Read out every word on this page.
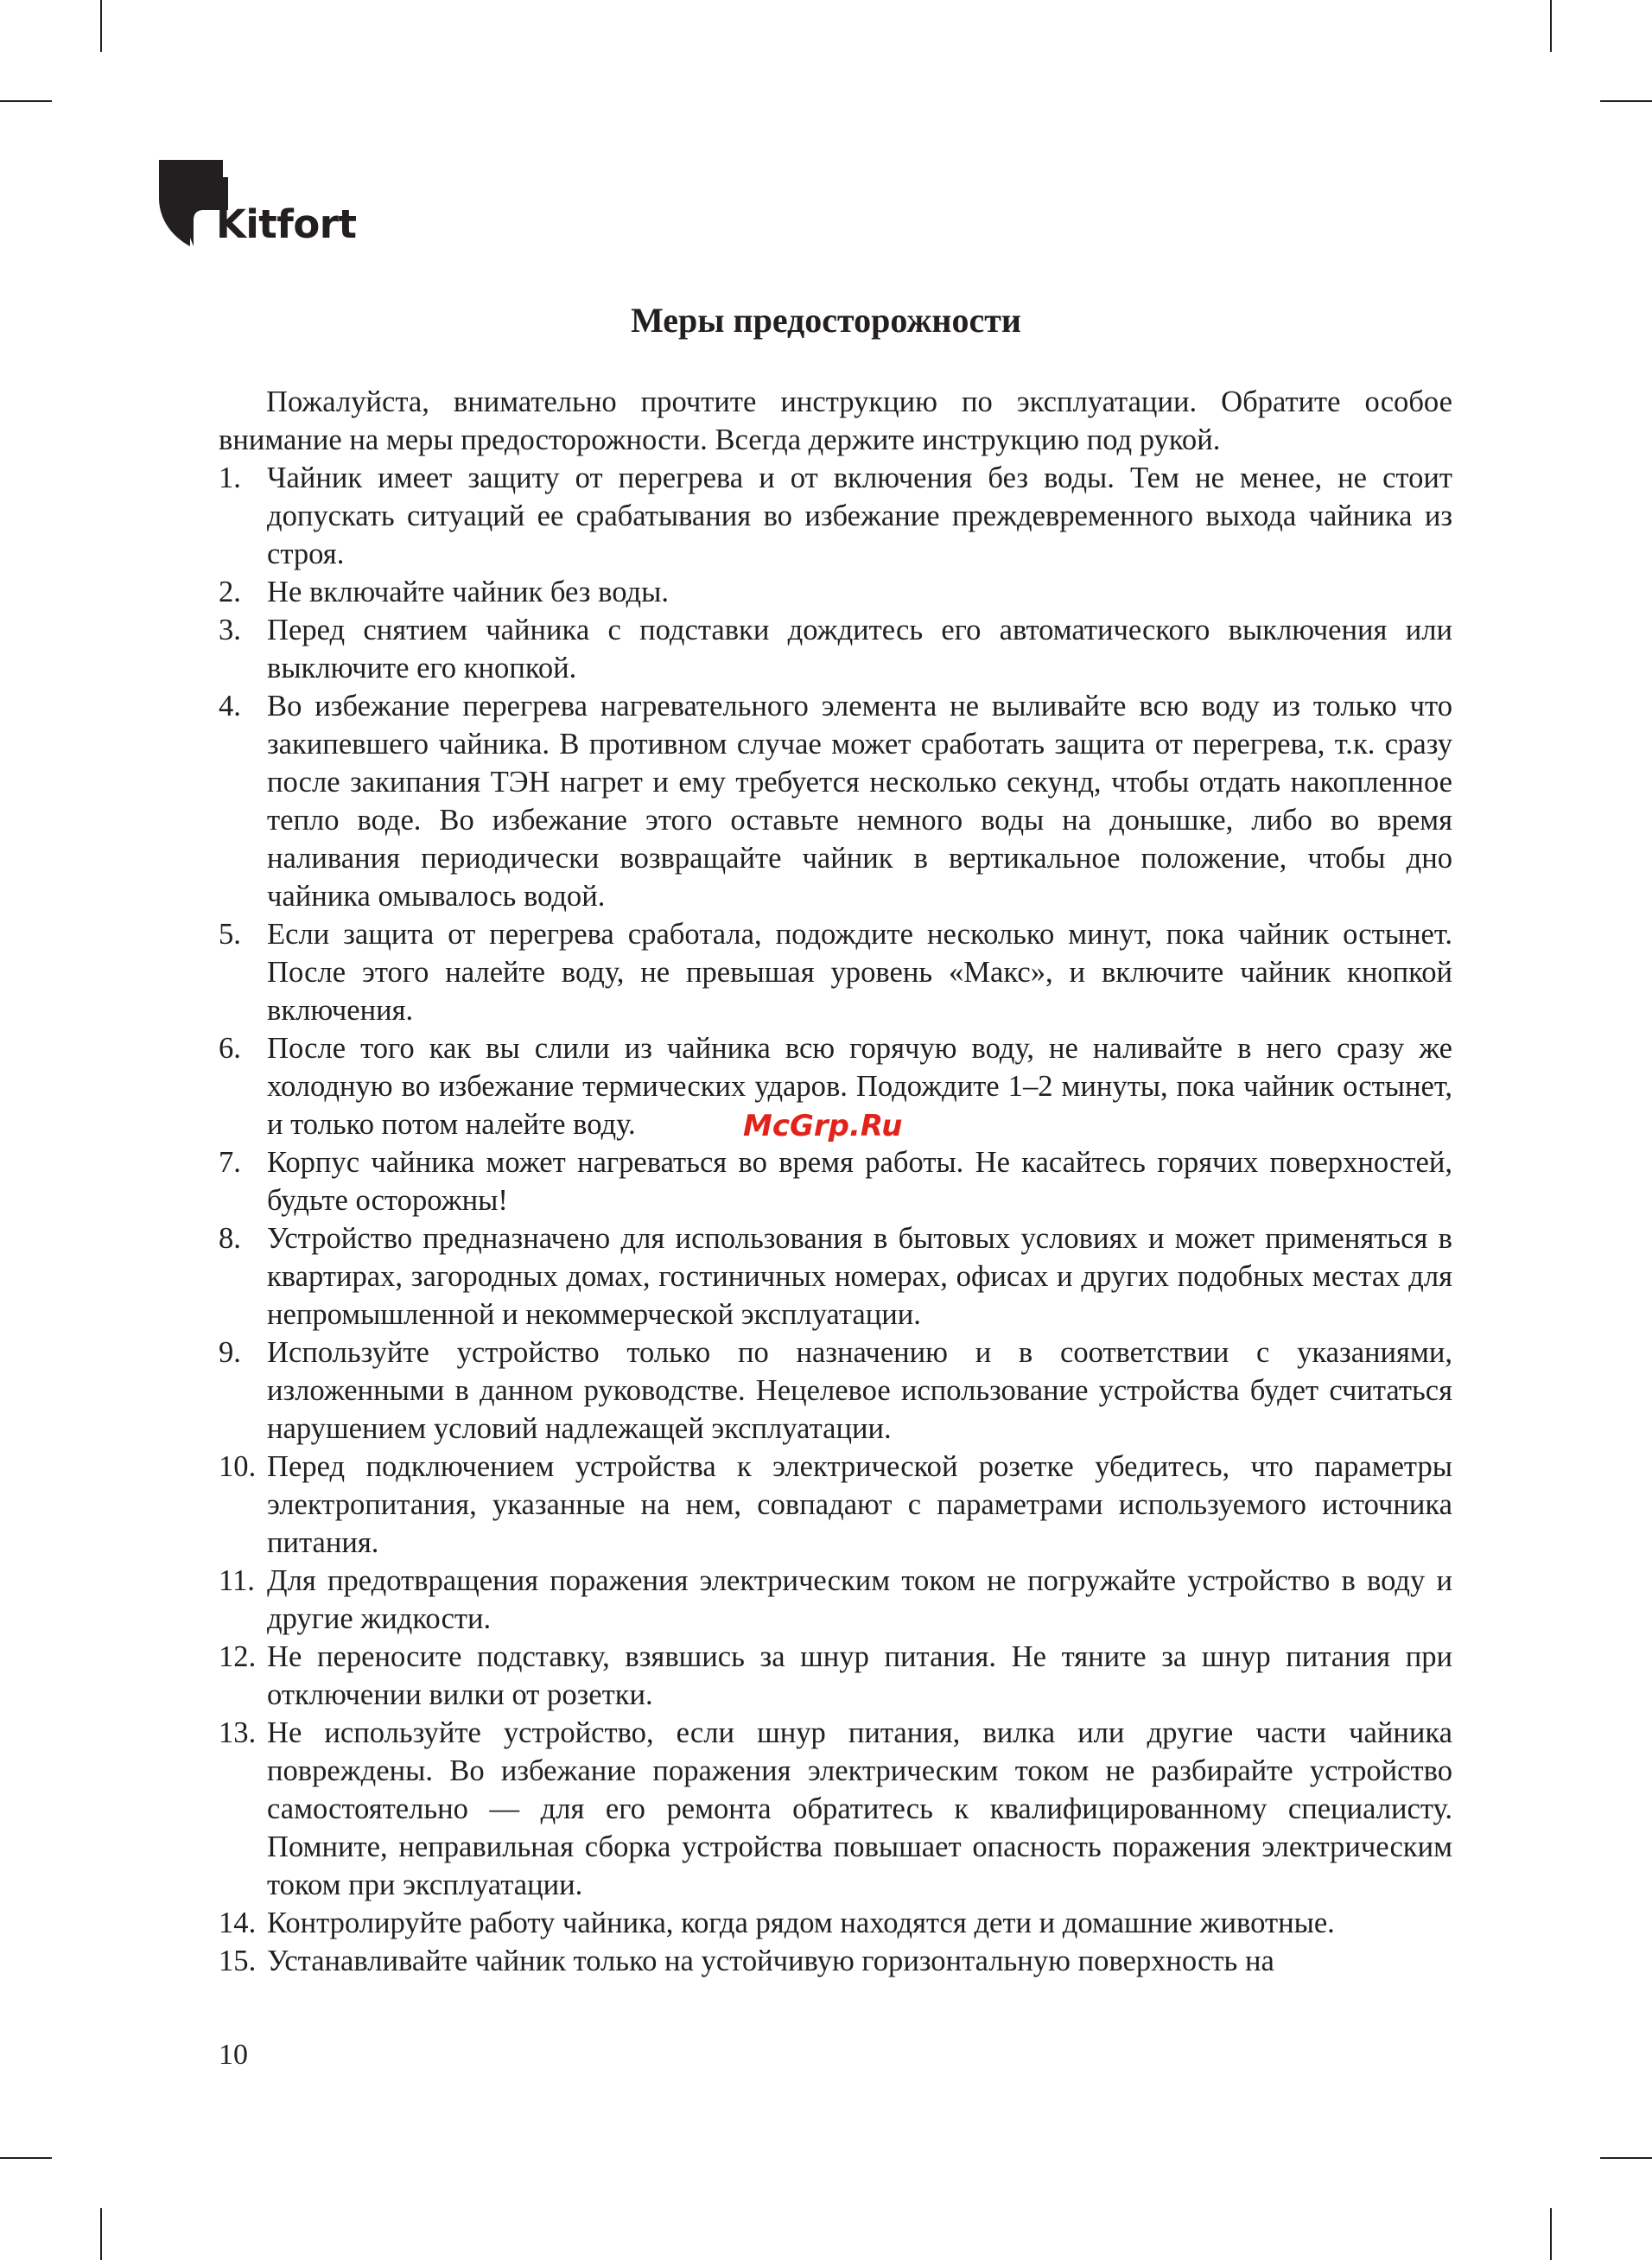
Kitfort
Меры предосторожности

Пожалуйста, внимательно прочтите инструкцию по эксплуатации. Обратите особое внимание на меры предосторожности. Всегда держите инструкцию под рукой.

1. Чайник имеет защиту от перегрева и от включения без воды. Тем не менее, не стоит допускать ситуаций ее срабатывания во избежание преждевременного выхода чайника из строя.
2. Не включайте чайник без воды.
3. Перед снятием чайника с подставки дождитесь его автоматического выключения или выключите его кнопкой.
4. Во избежание перегрева нагревательного элемента не выливайте всю воду из только что закипевшего чайника. В противном случае может сработать защита от перегрева, т.к. сразу после закипания ТЭН нагрет и ему требуется несколько секунд, чтобы отдать накопленное тепло воде. Во избежание этого оставьте немного воды на донышке, либо во время наливания периодически возвращайте чайник в вертикальное положение, чтобы дно чайника омывалось водой.
5. Если защита от перегрева сработала, подождите несколько минут, пока чайник остынет. После этого налейте воду, не превышая уровень «Макс», и включите чайник кнопкой включения.
6. После того как вы слили из чайника всю горячую воду, не наливайте в него сразу же холодную во избежание термических ударов. Подождите 1–2 минуты, пока чайник остынет, и только потом налейте воду.
7. Корпус чайника может нагреваться во время работы. Не касайтесь горячих поверхностей, будьте осторожны!
8. Устройство предназначено для использования в бытовых условиях и может применяться в квартирах, загородных домах, гостиничных номерах, офисах и других подобных местах для непромышленной и некоммерческой эксплуатации.
9. Используйте устройство только по назначению и в соответствии с указаниями, изложенными в данном руководстве. Нецелевое использование устройства будет считаться нарушением условий надлежащей эксплуатации.
10. Перед подключением устройства к электрической розетке убедитесь, что параметры электропитания, указанные на нем, совпадают с параметрами используемого источника питания.
11. Для предотвращения поражения электрическим током не погружайте устройство в воду и другие жидкости.
12. Не переносите подставку, взявшись за шнур питания. Не тяните за шнур питания при отключении вилки от розетки.
13. Не используйте устройство, если шнур питания, вилка или другие части чайника повреждены. Во избежание поражения электрическим током не разбирайте устройство самостоятельно — для его ремонта обратитесь к квалифицированному специалисту. Помните, неправильная сборка устройства повышает опасность поражения электрическим током при эксплуатации.
14. Контролируйте работу чайника, когда рядом находятся дети и домашние животные.
15. Устанавливайте чайник только на устойчивую горизонтальную поверхность на
McGrp.Ru
10
